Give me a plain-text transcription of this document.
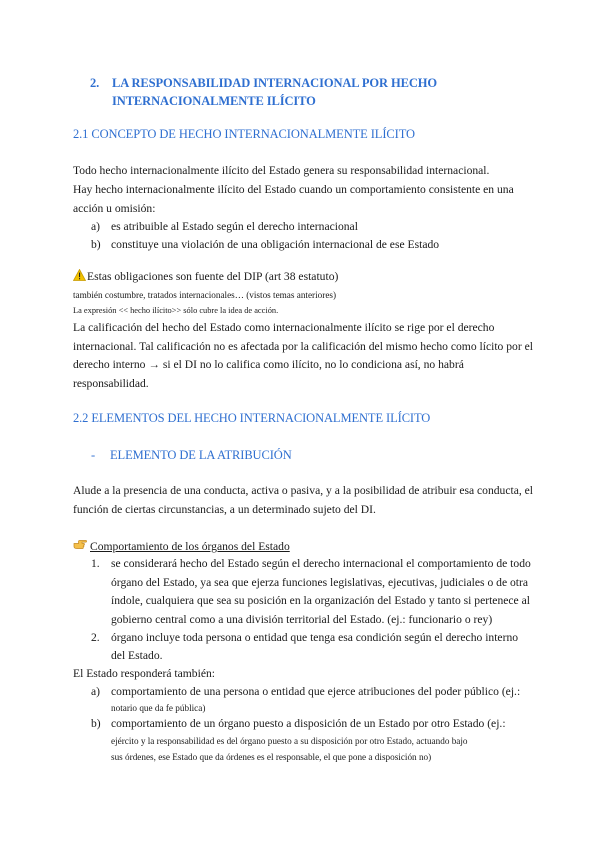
2. LA RESPONSABILIDAD INTERNACIONAL POR HECHO
INTERNACIONALMENTE ILÍCITO
2.1 CONCEPTO DE HECHO INTERNACIONALMENTE ILÍCITO
Todo hecho internacionalmente ilícito del Estado genera su responsabilidad internacional.
Hay hecho internacionalmente ilícito del Estado cuando un comportamiento consistente en una
acción u omisión:
a) es atribuible al Estado según el derecho internacional
b) constituye una violación de una obligación internacional de ese Estado
Estas obligaciones son fuente del DIP (art 38 estatuto)
también costumbre, tratados internacionales… (vistos temas anteriores)
La expresión << hecho ilícito>> sólo cubre la idea de acción.
La calificación del hecho del Estado como internacionalmente ilícito se rige por el derecho
internacional. Tal calificación no es afectada por la calificación del mismo hecho como lícito por el
derecho interno → si el DI no lo califica como ilícito, no lo condiciona así, no habrá
responsabilidad.
2.2 ELEMENTOS DEL HECHO INTERNACIONALMENTE ILÍCITO
- ELEMENTO DE LA ATRIBUCIÓN
Alude a la presencia de una conducta, activa o pasiva, y a la posibilidad de atribuir esa conducta, el
función de ciertas circunstancias, a un determinado sujeto del DI.
Comportamiento de los órganos del Estado
1. se considerará hecho del Estado según el derecho internacional el comportamiento de todo
órgano del Estado, ya sea que ejerza funciones legislativas, ejecutivas, judiciales o de otra
índole, cualquiera que sea su posición en la organización del Estado y tanto si pertenece al
gobierno central como a una división territorial del Estado. (ej.: funcionario o rey)
2. órgano incluye toda persona o entidad que tenga esa condición según el derecho interno
del Estado.
El Estado responderá también:
a) comportamiento de una persona o entidad que ejerce atribuciones del poder público (ej.:
notario que da fe pública)
b) comportamiento de un órgano puesto a disposición de un Estado por otro Estado (ej.:
ejército y la responsabilidad es del órgano puesto a su disposición por otro Estado, actuando bajo
sus órdenes, ese Estado que da órdenes es el responsable, el que pone a disposición no)
